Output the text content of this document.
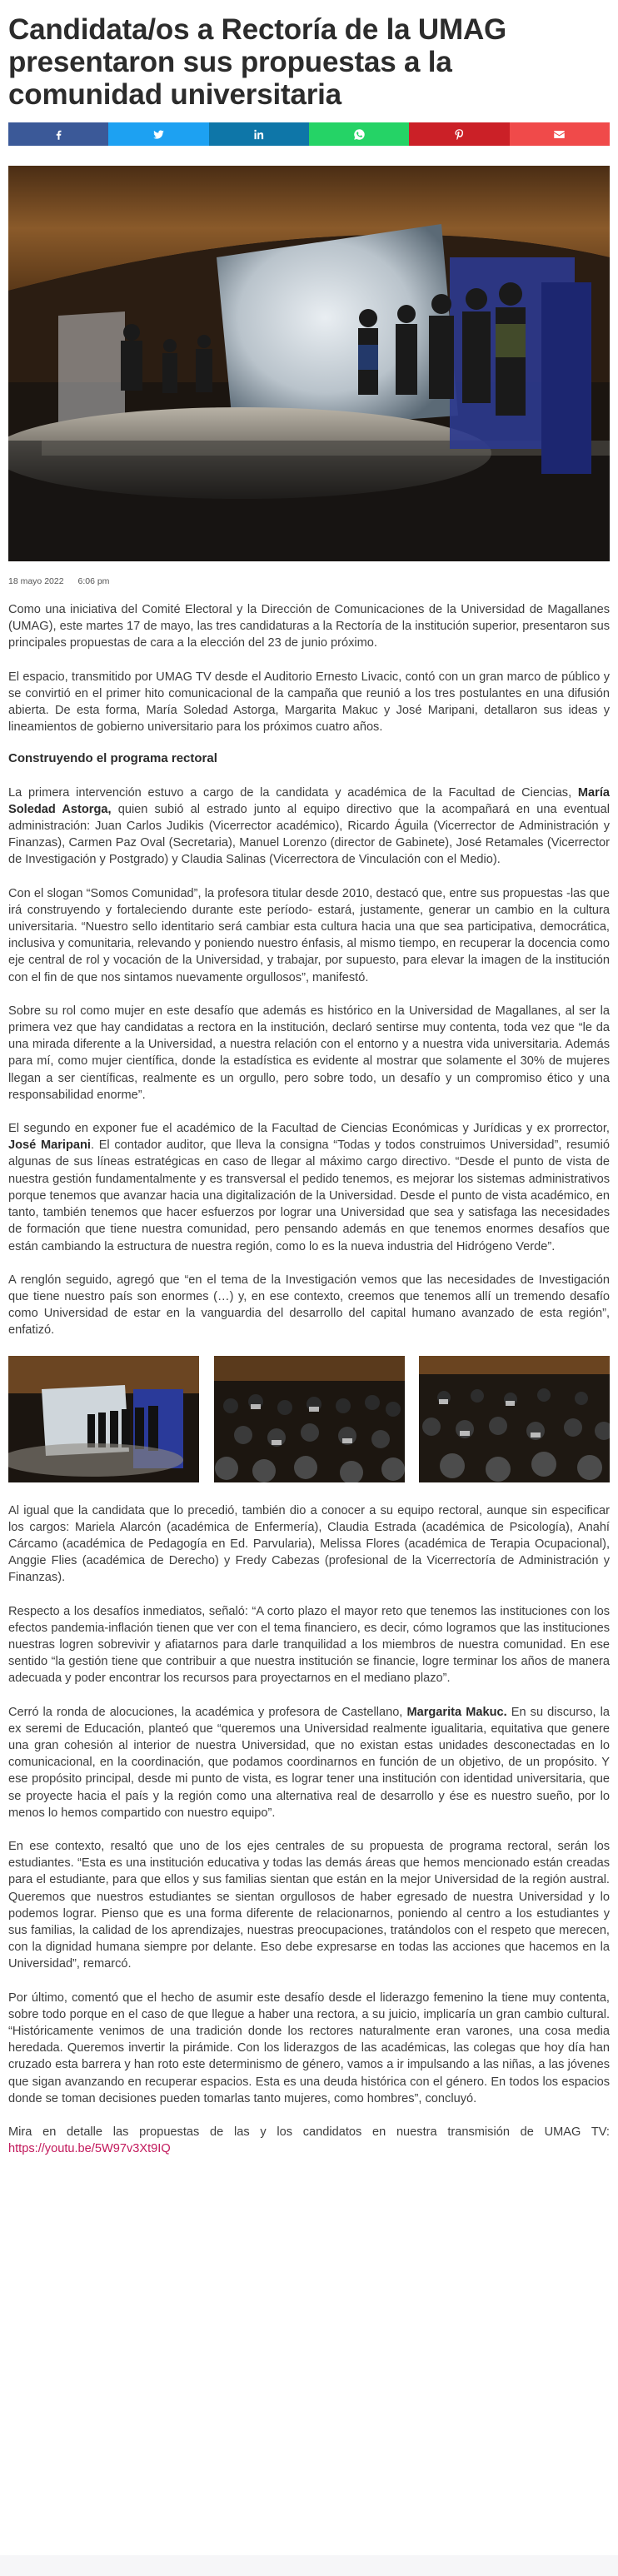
Candidata/os a Rectoría de la UMAG presentaron sus propuestas a la comunidad universitaria
18 mayo 2022 6:06 pm

Como una iniciativa del Comité Electoral y la Dirección de Comunicaciones de la Universidad de Magallanes (UMAG), este martes 17 de mayo, las tres candidaturas a la Rectoría de la institución superior, presentaron sus principales propuestas de cara a la elección del 23 de junio próximo.

El espacio, transmitido por UMAG TV desde el Auditorio Ernesto Livacic, contó con un gran marco de público y se convirtió en el primer hito comunicacional de la campaña que reunió a los tres postulantes en una difusión abierta. De esta forma, María Soledad Astorga, Margarita Makuc y José Maripani, detallaron sus ideas y lineamientos de gobierno universitario para los próximos cuatro años.

Construyendo el programa rectoral

La primera intervención estuvo a cargo de la candidata y académica de la Facultad de Ciencias, María Soledad Astorga, quien subió al estrado junto al equipo directivo que la acompañará en una eventual administración: Juan Carlos Judikis (Vicerrector académico), Ricardo Águila (Vicerrector de Administración y Finanzas), Carmen Paz Oval (Secretaria), Manuel Lorenzo (director de Gabinete), José Retamales (Vicerrector de Investigación y Postgrado) y Claudia Salinas (Vicerrectora de Vinculación con el Medio).

Con el slogan “Somos Comunidad”, la profesora titular desde 2010, destacó que, entre sus propuestas -las que irá construyendo y fortaleciendo durante este período- estará, justamente, generar un cambio en la cultura universitaria. “Nuestro sello identitario será cambiar esta cultura hacia una que sea participativa, democrática, inclusiva y comunitaria, relevando y poniendo nuestro énfasis, al mismo tiempo, en recuperar la docencia como eje central de rol y vocación de la Universidad, y trabajar, por supuesto, para elevar la imagen de la institución con el fin de que nos sintamos nuevamente orgullosos”, manifestó.

Sobre su rol como mujer en este desafío que además es histórico en la Universidad de Magallanes, al ser la primera vez que hay candidatas a rectora en la institución, declaró sentirse muy contenta, toda vez que “le da una mirada diferente a la Universidad, a nuestra relación con el entorno y a nuestra vida universitaria. Además para mí, como mujer científica, donde la estadística es evidente al mostrar que solamente el 30% de mujeres llegan a ser científicas, realmente es un orgullo, pero sobre todo, un desafío y un compromiso ético y una responsabilidad enorme”.

El segundo en exponer fue el académico de la Facultad de Ciencias Económicas y Jurídicas y ex prorrector, José Maripani. El contador auditor, que lleva la consigna “Todas y todos construimos Universidad”, resumió algunas de sus líneas estratégicas en caso de llegar al máximo cargo directivo. “Desde el punto de vista de nuestra gestión fundamentalmente y es transversal el pedido tenemos, es mejorar los sistemas administrativos porque tenemos que avanzar hacia una digitalización de la Universidad. Desde el punto de vista académico, en tanto, también tenemos que hacer esfuerzos por lograr una Universidad que sea y satisfaga las necesidades de formación que tiene nuestra comunidad, pero pensando además en que tenemos enormes desafíos que están cambiando la estructura de nuestra región, como lo es la nueva industria del Hidrógeno Verde”.

A renglón seguido, agregó que “en el tema de la Investigación vemos que las necesidades de Investigación que tiene nuestro país son enormes (…) y, en ese contexto, creemos que tenemos allí un tremendo desafío como Universidad de estar en la vanguardia del desarrollo del capital humano avanzado de esta región”, enfatizó.

Al igual que la candidata que lo precedió, también dio a conocer a su equipo rectoral, aunque sin especificar los cargos: Mariela Alarcón (académica de Enfermería), Claudia Estrada (académica de Psicología), Anahí Cárcamo (académica de Pedagogía en Ed. Parvularia), Melissa Flores (académica de Terapia Ocupacional), Anggie Flies (académica de Derecho) y Fredy Cabezas (profesional de la Vicerrectoría de Administración y Finanzas).

Respecto a los desafíos inmediatos, señaló: “A corto plazo el mayor reto que tenemos las instituciones con los efectos pandemia-inflación tienen que ver con el tema financiero, es decir, cómo logramos que las instituciones nuestras logren sobrevivir y afiatarnos para darle tranquilidad a los miembros de nuestra comunidad. En ese sentido “la gestión tiene que contribuir a que nuestra institución se financie, logre terminar los años de manera adecuada y poder encontrar los recursos para proyectarnos en el mediano plazo”.

Cerró la ronda de alocuciones, la académica y profesora de Castellano, Margarita Makuc. En su discurso, la ex seremi de Educación, planteó que “queremos una Universidad realmente igualitaria, equitativa que genere una gran cohesión al interior de nuestra Universidad, que no existan estas unidades desconectadas en lo comunicacional, en la coordinación, que podamos coordinarnos en función de un objetivo, de un propósito. Y ese propósito principal, desde mi punto de vista, es lograr tener una institución con identidad universitaria, que se proyecte hacia el país y la región como una alternativa real de desarrollo y ése es nuestro sueño, por lo menos lo hemos compartido con nuestro equipo”.

En ese contexto, resaltó que uno de los ejes centrales de su propuesta de programa rectoral, serán los estudiantes. “Esta es una institución educativa y todas las demás áreas que hemos mencionado están creadas para el estudiante, para que ellos y sus familias sientan que están en la mejor Universidad de la región austral. Queremos que nuestros estudiantes se sientan orgullosos de haber egresado de nuestra Universidad y lo podemos lograr. Pienso que es una forma diferente de relacionarnos, poniendo al centro a los estudiantes y sus familias, la calidad de los aprendizajes, nuestras preocupaciones, tratándolos con el respeto que merecen, con la dignidad humana siempre por delante. Eso debe expresarse en todas las acciones que hacemos en la Universidad”, remarcó.

Por último, comentó que el hecho de asumir este desafío desde el liderazgo femenino la tiene muy contenta, sobre todo porque en el caso de que llegue a haber una rectora, a su juicio, implicaría un gran cambio cultural. “Históricamente venimos de una tradición donde los rectores naturalmente eran varones, una cosa media heredada. Queremos invertir la pirámide. Con los liderazgos de las académicas, las colegas que hoy día han cruzado esta barrera y han roto este determinismo de género, vamos a ir impulsando a las niñas, a las jóvenes que sigan avanzando en recuperar espacios. Esta es una deuda histórica con el género. En todos los espacios donde se toman decisiones pueden tomarlas tanto mujeres, como hombres”, concluyó.

Mira en detalle las propuestas de las y los candidatos en nuestra transmisión de UMAG TV: https://youtu.be/5W97v3Xt9IQ
